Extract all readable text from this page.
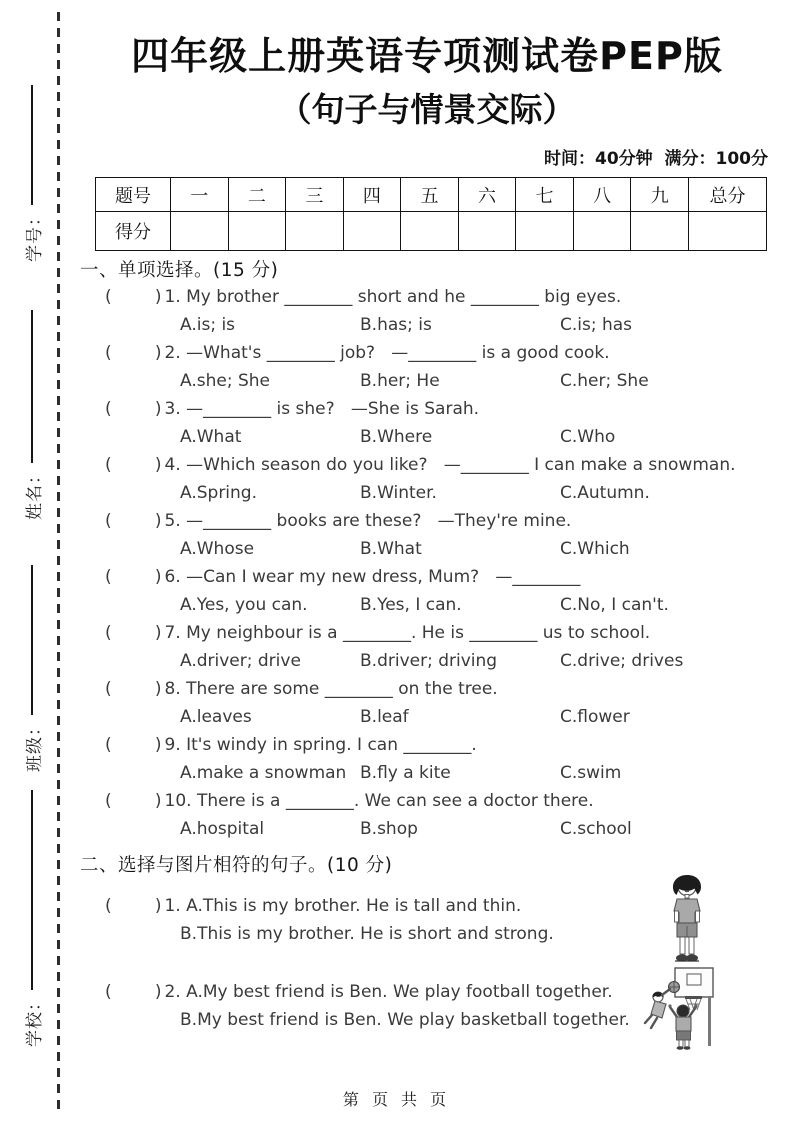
学号：
姓名：
班级：
学校：
四年级上册英语专项测试卷PEP版
（句子与情景交际）
时间：40分钟  满分：100分
题号	一	二	三	四	五	六	七	八	九	总分
得分										
一、单项选择。(15 分)
(        ) 1. My brother ________ short and he ________ big eyes.
A.is; is	B.has; is	C.is; has
(        ) 2. —What's ________ job?   —________ is a good cook.
A.she; She	B.her; He	C.her; She
(        ) 3. —________ is she?   —She is Sarah.
A.What	B.Where	C.Who
(        ) 4. —Which season do you like?   —________ I can make a snowman.
A.Spring.	B.Winter.	C.Autumn.
(        ) 5. —________ books are these?   —They're mine.
A.Whose	B.What	C.Which
(        ) 6. —Can I wear my new dress, Mum?   —________
A.Yes, you can.	B.Yes, I can.	C.No, I can't.
(        ) 7. My neighbour is a ________. He is ________ us to school.
A.driver; drive	B.driver; driving	C.drive; drives
(        ) 8. There are some ________ on the tree.
A.leaves	B.leaf	C.flower
(        ) 9. It's windy in spring. I can ________.
A.make a snowman B.fly a kite	C.swim
(        ) 10. There is a ________. We can see a doctor there.
A.hospital	B.shop	C.school
二、选择与图片相符的句子。(10 分)
(        ) 1. A.This is my brother. He is tall and thin.
B.This is my brother. He is short and strong.
(        ) 2. A.My best friend is Ben. We play football together.
B.My best friend is Ben. We play basketball together.
第 页 共 页
